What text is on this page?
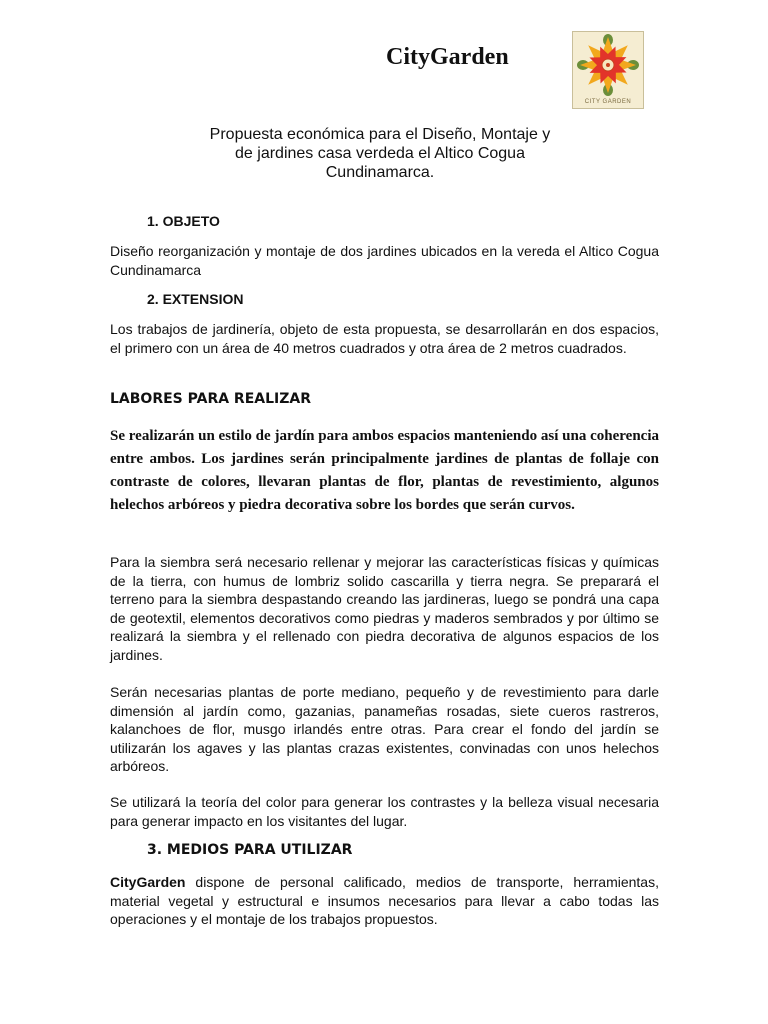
CityGarden
CITY GARDEN
Propuesta económica para el Diseño, Montaje y
de jardines casa verdeda el Altico Cogua
Cundinamarca.
1. OBJETO
Diseño reorganización y montaje de dos jardines ubicados en la vereda el Altico Cogua Cundinamarca
2. EXTENSION
Los trabajos de jardinería, objeto de esta propuesta, se desarrollarán en dos espacios, el primero con un área de 40 metros cuadrados y otra área de 2 metros cuadrados.
LABORES PARA REALIZAR
Se realizarán un estilo de jardín para ambos espacios manteniendo así una coherencia entre ambos. Los jardines serán principalmente jardines de plantas de follaje con contraste de colores, llevaran plantas de flor, plantas de revestimiento, algunos helechos arbóreos y piedra decorativa sobre los bordes que serán curvos.
Para la siembra será necesario rellenar y mejorar las características físicas y químicas de la tierra, con humus de lombriz solido cascarilla y tierra negra. Se preparará el terreno para la siembra despastando creando las jardineras, luego se pondrá una capa de geotextil, elementos decorativos como piedras y maderos sembrados y por último se realizará la siembra y el rellenado con piedra decorativa de algunos espacios de los jardines.
Serán necesarias plantas de porte mediano, pequeño y de revestimiento para darle dimensión al jardín como, gazanias, panameñas rosadas, siete cueros rastreros, kalanchoes de flor, musgo irlandés entre otras. Para crear el fondo del jardín se utilizarán los agaves y las plantas crazas existentes, convinadas con unos helechos arbóreos.
Se utilizará la teoría del color para generar los contrastes y la belleza visual necesaria para generar impacto en los visitantes del lugar.
3. MEDIOS PARA UTILIZAR
CityGarden dispone de personal calificado, medios de transporte, herramientas, material vegetal y estructural e insumos necesarios para llevar a cabo todas las operaciones y el montaje de los trabajos propuestos.
